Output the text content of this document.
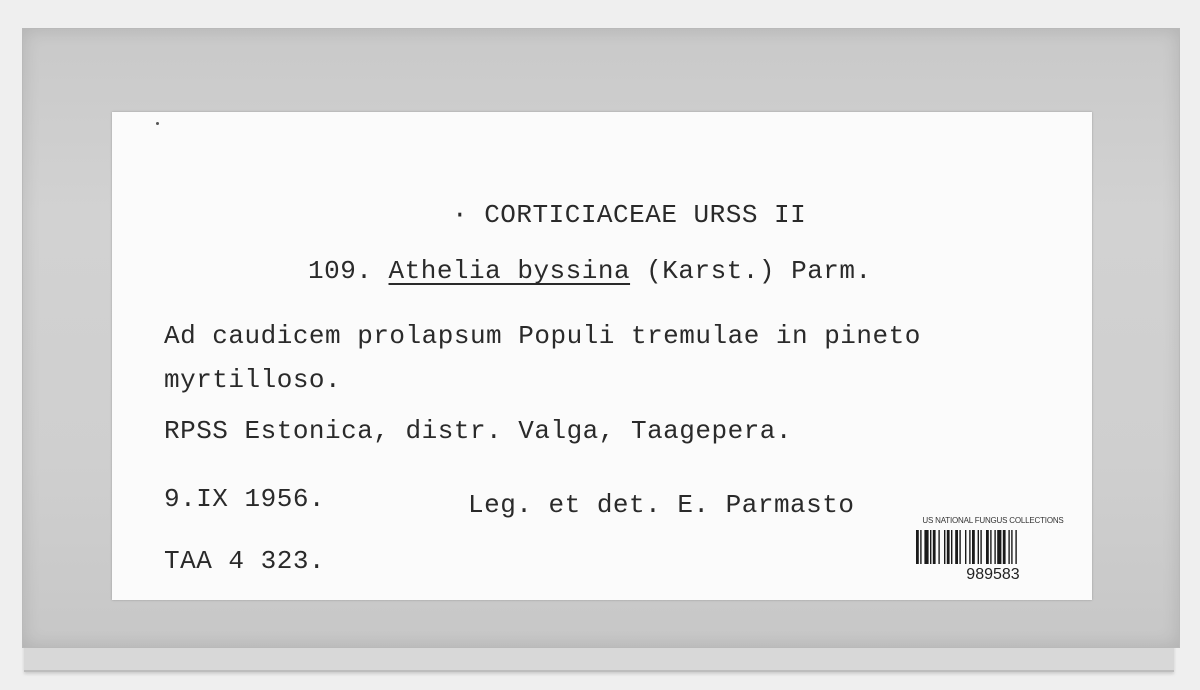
· CORTICIACEAE URSS II
109. Athelia byssina (Karst.) Parm.
Ad caudicem prolapsum Populi tremulae in pineto myrtilloso.
RPSS Estonica, distr. Valga, Taagepera.
9.IX 1956.	Leg. et det. E. Parmasto
TAA 4 323.
US NATIONAL FUNGUS COLLECTIONS
989583
